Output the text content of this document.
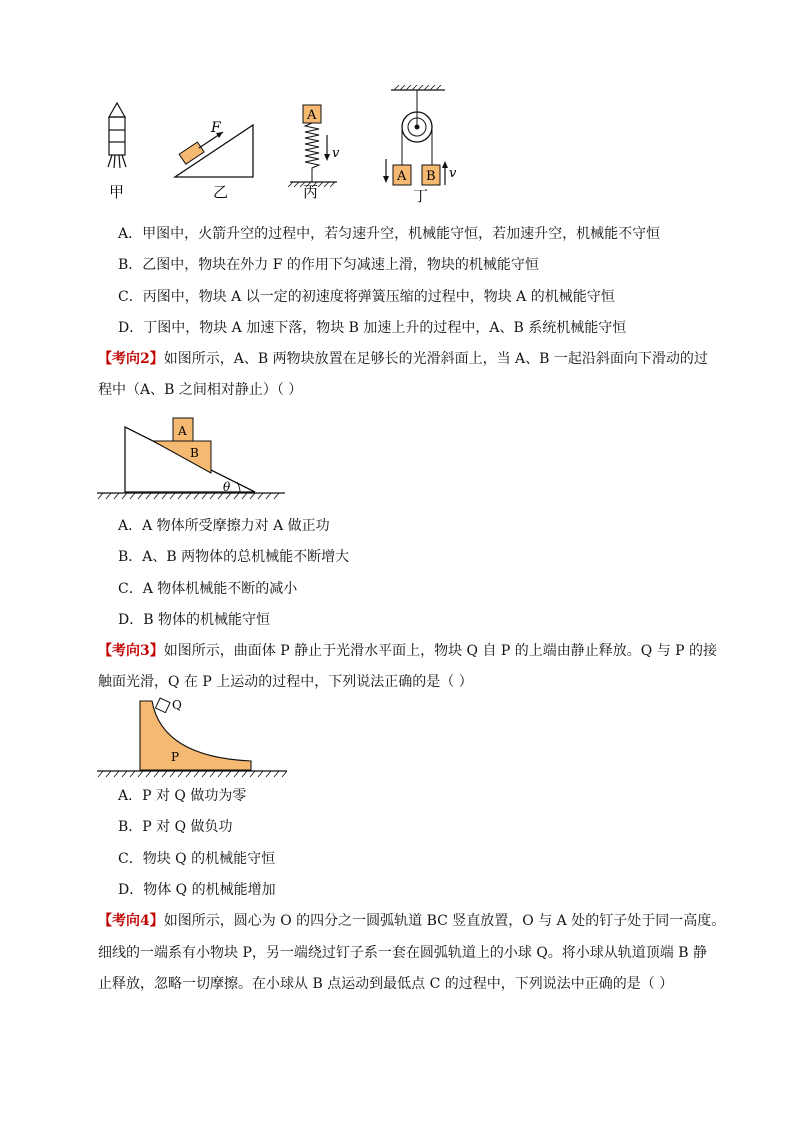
甲
F
乙
A
v
丙
A B v
丁
A．甲图中，火箭升空的过程中，若匀速升空，机械能守恒，若加速升空，机械能不守恒
B．乙图中，物块在外力 F 的作用下匀减速上滑，物块的机械能守恒
C．丙图中，物块 A 以一定的初速度将弹簧压缩的过程中，物块 A 的机械能守恒
D．丁图中，物块 A 加速下落，物块 B 加速上升的过程中，A、B 系统机械能守恒
【考向2】如图所示，A、B 两物块放置在足够长的光滑斜面上，当 A、B 一起沿斜面向下滑动的过
程中（A、B 之间相对静止）（ ）
A
B
θ
A．A 物体所受摩擦力对 A 做正功
B．A、B 两物体的总机械能不断增大
C．A 物体机械能不断的减小
D．B 物体的机械能守恒
【考向3】如图所示，曲面体 P 静止于光滑水平面上，物块 Q 自 P 的上端由静止释放。Q 与 P 的接
触面光滑，Q 在 P 上运动的过程中，下列说法正确的是（ ）
Q
P
A．P 对 Q 做功为零
B．P 对 Q 做负功
C．物块 Q 的机械能守恒
D．物体 Q 的机械能增加
【考向4】如图所示，圆心为 O 的四分之一圆弧轨道 BC 竖直放置，O 与 A 处的钉子处于同一高度。
细线的一端系有小物块 P，另一端绕过钉子系一套在圆弧轨道上的小球 Q。将小球从轨道顶端 B 静
止释放，忽略一切摩擦。在小球从 B 点运动到最低点 C 的过程中，下列说法中正确的是（ ）
